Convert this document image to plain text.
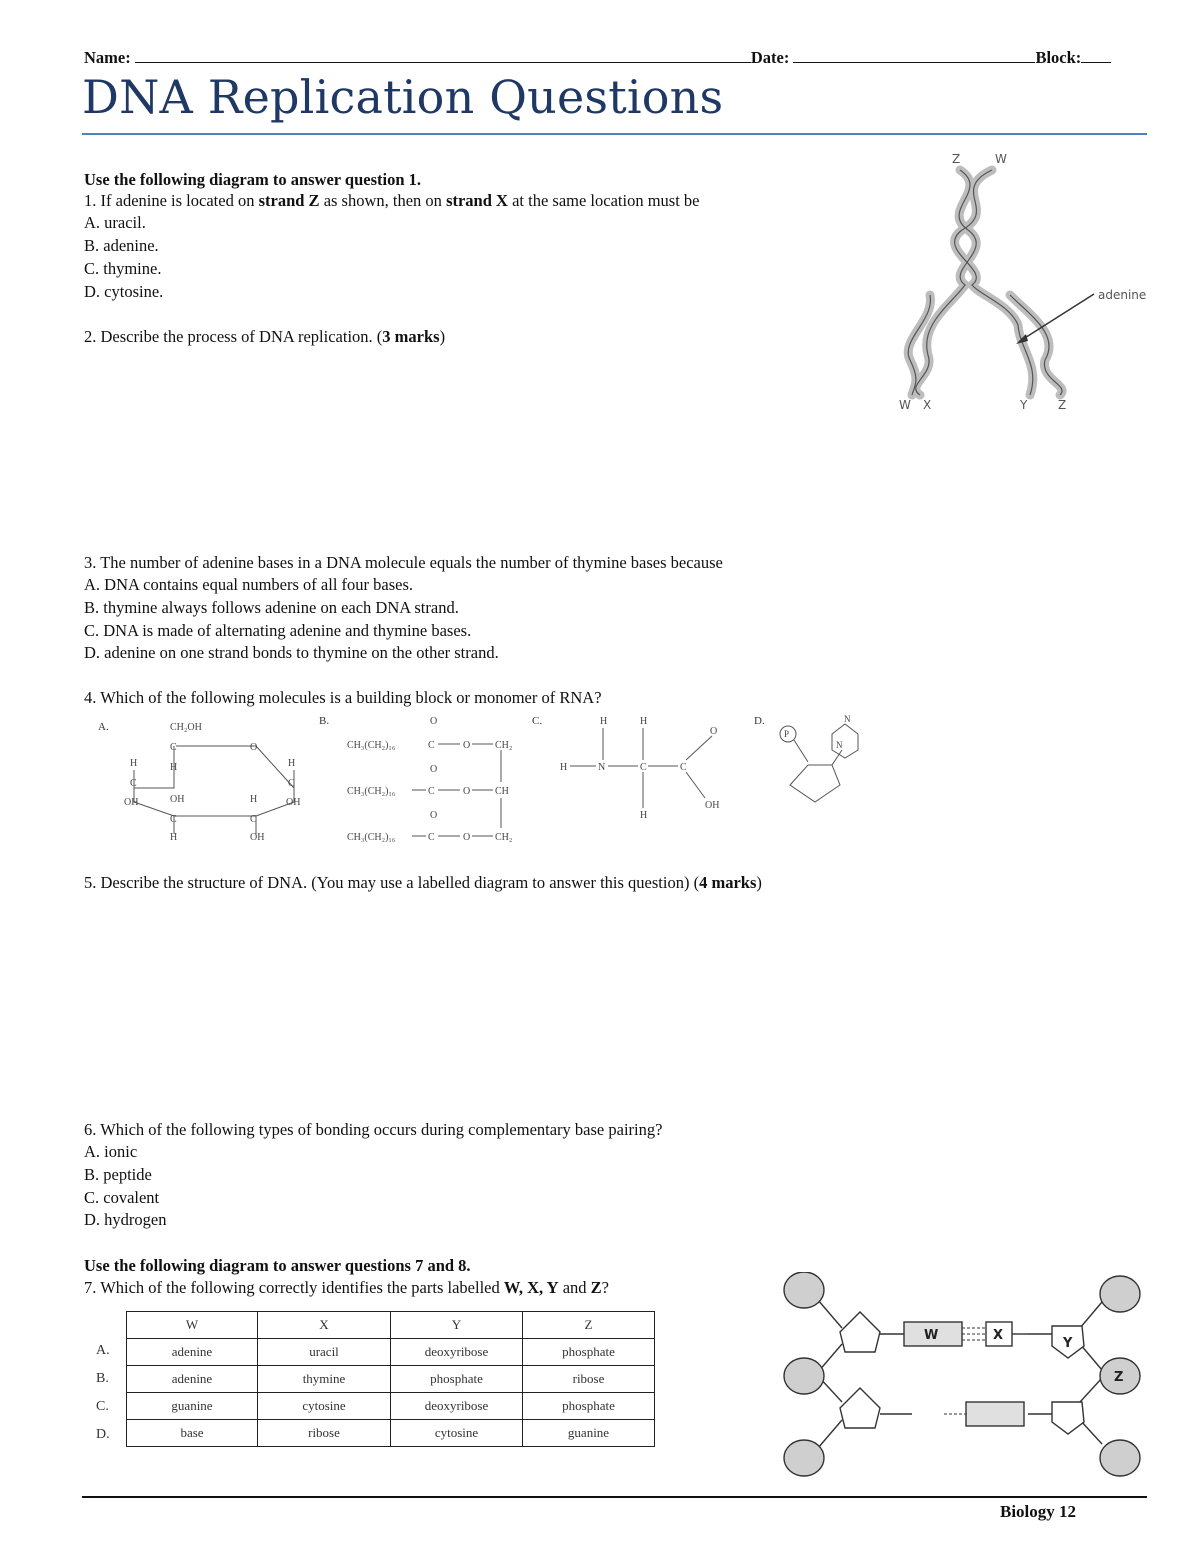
Name:	Date:	Block:
DNA Replication Questions
Use the following diagram to answer question 1.
1. If adenine is located on strand Z as shown, then on strand X at the same location must be
A. uracil.
B. adenine.
C. thymine.
D. cytosine.
Z	W
W X	Y	Z
adenine
2. Describe the process of DNA replication. (3 marks)
3. The number of adenine bases in a DNA molecule equals the number of thymine bases because
A. DNA contains equal numbers of all four bases.
B. thymine always follows adenine on each DNA strand.
C. DNA is made of alternating adenine and thymine bases.
D. adenine on one strand bonds to thymine on the other strand.
4. Which of the following molecules is a building block or monomer of RNA?
A.	B.	C.	D.
CH₂OH
C	O
H	H	H
C	C
OH	OH	H	OH
C	C
H	OH
O
CH₃(CH₂)₁₆	C	O CH₂
O
CH₃(CH₂)₁₆	C	O CH
O
CH₃(CH₂)₁₆	C	O CH₂
H	H
H	N	C	C
O
OH
H
P
N
N
5. Describe the structure of DNA. (You may use a labelled diagram to answer this question) (4 marks)
6. Which of the following types of bonding occurs during complementary base pairing?
A. ionic
B. peptide
C. covalent
D. hydrogen
Use the following diagram to answer questions 7 and 8.
7. Which of the following correctly identifies the parts labelled W, X, Y and Z?
A.
B.
C.
D.
W	X	Y	Z
adenine	uracil	deoxyribose	phosphate
adenine	thymine	phosphate	ribose
guanine	cytosine	deoxyribose	phosphate
base	ribose	cytosine	guanine
W	X
Y
Z
Biology 12
